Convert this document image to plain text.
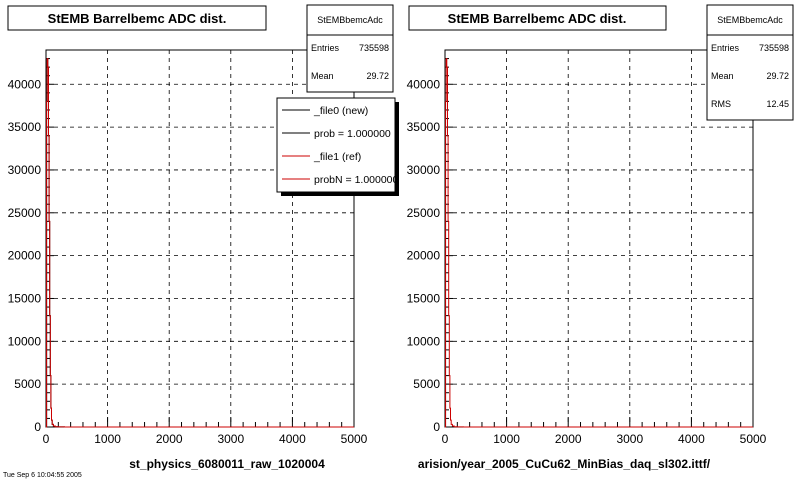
0
5000
10000
15000
20000
25000
30000
35000
40000
0	1000	2000	3000	4000	5000
StEMB Barrelbemc ADC dist.	StEMBbemcAdc
Entries 735598
Mean	29.72
_file0 (new)
prob = 1.000000
_file1 (ref)
probN = 1.000000
st_physics_6080011_raw_1020004
0
5000
10000
15000
20000
25000
30000
35000
40000
0	1000	2000	3000	4000	5000
StEMB Barrelbemc ADC dist.	StEMBbemcAdc
Entries 735598
Mean	29.72
RMS	12.45
arision/year_2005_CuCu62_MinBias_daq_sl302.ittf/
Tue Sep 6 10:04:55 2005
